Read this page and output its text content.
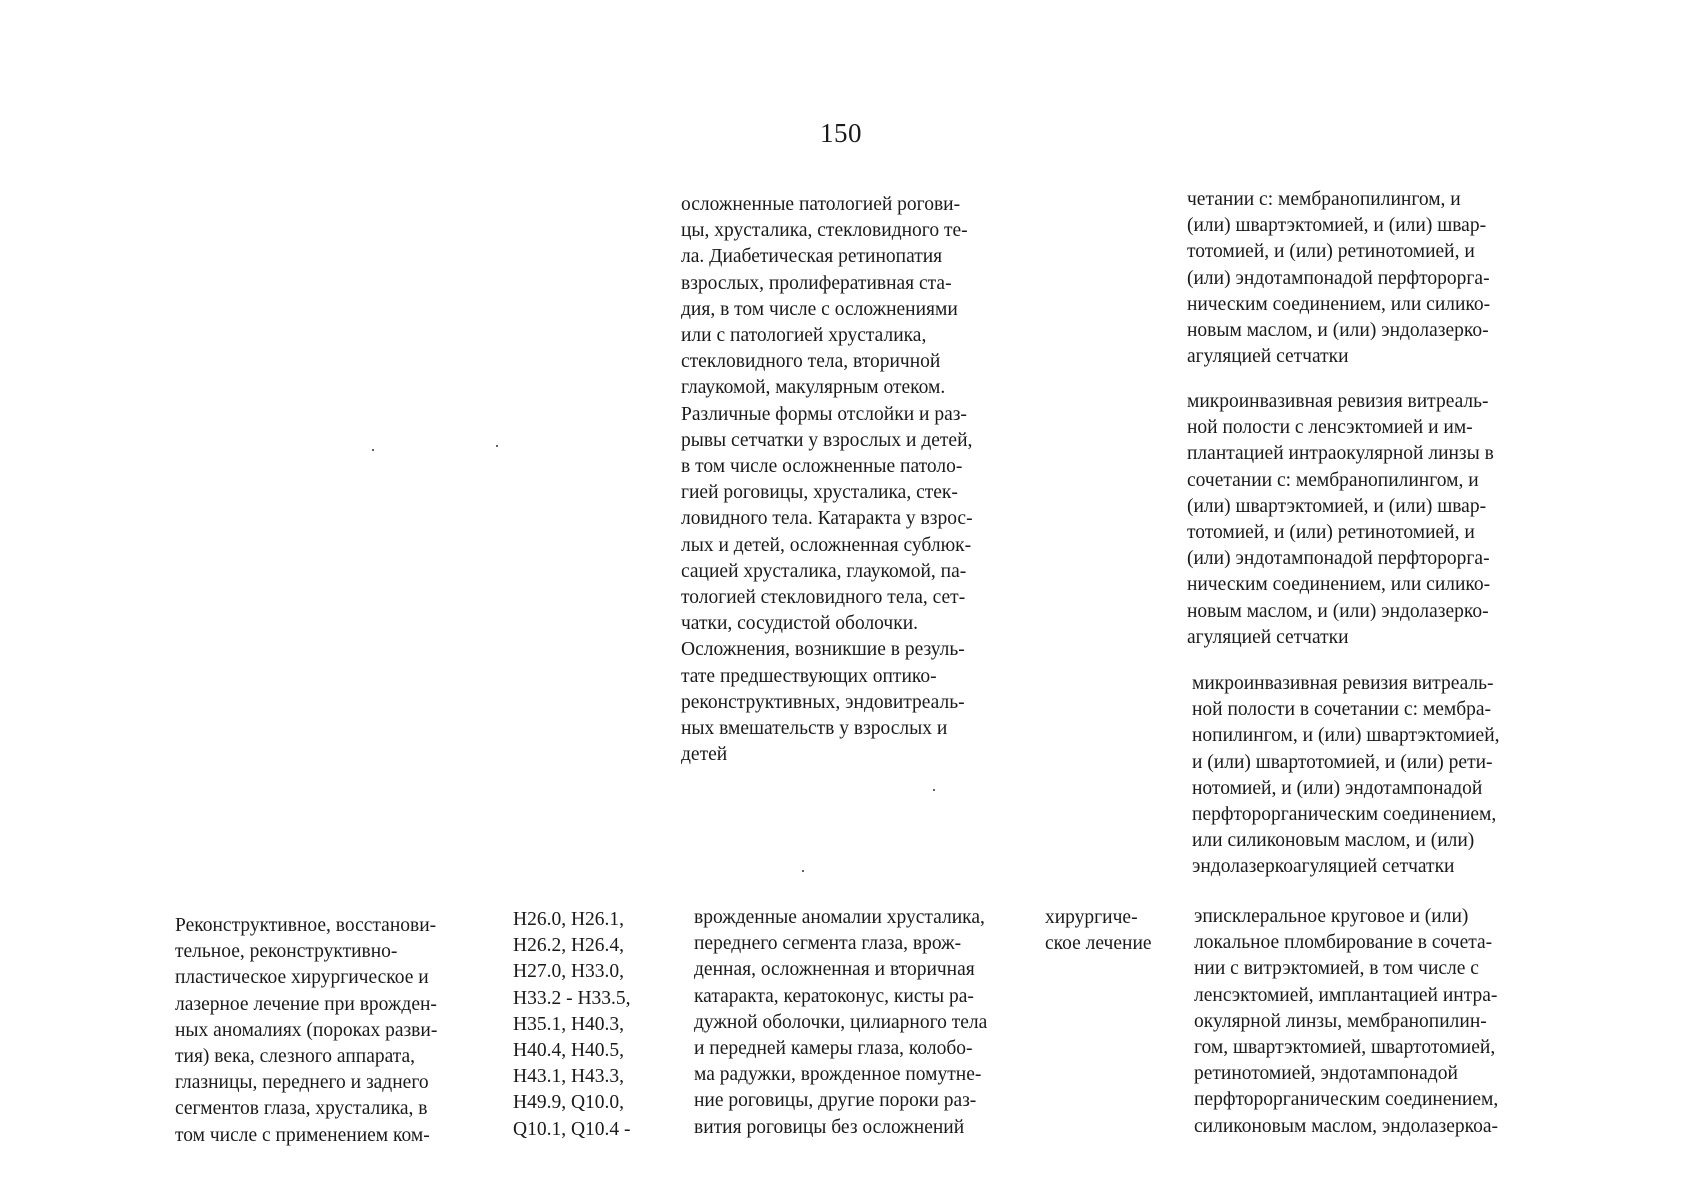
150
осложненные патологией рогови-
цы, хрусталика, стекловидного те-
ла. Диабетическая ретинопатия
взрослых, пролиферативная ста-
дия, в том числе с осложнениями
или с патологией хрусталика,
стекловидного тела, вторичной
глаукомой, макулярным отеком.
Различные формы отслойки и раз-
рывы сетчатки у взрослых и детей,
в том числе осложненные патоло-
гией роговицы, хрусталика, стек-
ловидного тела. Катаракта у взрос-
лых и детей, осложненная сублюк-
сацией хрусталика, глаукомой, па-
тологией стекловидного тела, сет-
чатки, сосудистой оболочки.
Осложнения, возникшие в резуль-
тате предшествующих оптико-
реконструктивных, эндовитреаль-
ных вмешательств у взрослых и
детей
четании с: мембранопилингом, и
(или) швартэктомией, и (или) швар-
тотомией, и (или) ретинотомией, и
(или) эндотампонадой перфторорга-
ническим соединением, или силико-
новым маслом, и (или) эндолазерко-
агуляцией сетчатки
микроинвазивная ревизия витреаль-
ной полости с ленсэктомией и им-
плантацией интраокулярной линзы в
сочетании с: мембранопилингом, и
(или) швартэктомией, и (или) швар-
тотомией, и (или) ретинотомией, и
(или) эндотампонадой перфторорга-
ническим соединением, или силико-
новым маслом, и (или) эндолазерко-
агуляцией сетчатки
микроинвазивная ревизия витреаль-
ной полости в сочетании с: мембра-
нопилингом, и (или) швартэктомией,
и (или) швартотомией, и (или) рети-
нотомией, и (или) эндотампонадой
перфторорганическим соединением,
или силиконовым маслом, и (или)
эндолазеркоагуляцией сетчатки
Реконструктивное, восстанови-
тельное, реконструктивно-
пластическое хирургическое и
лазерное лечение при врожден-
ных аномалиях (пороках разви-
тия) века, слезного аппарата,
глазницы, переднего и заднего
сегментов глаза, хрусталика, в
том числе с применением ком-
H26.0, H26.1,
H26.2, H26.4,
H27.0, H33.0,
H33.2 - H33.5,
H35.1, H40.3,
H40.4, H40.5,
H43.1, H43.3,
H49.9, Q10.0,
Q10.1, Q10.4 -
врожденные аномалии хрусталика,
переднего сегмента глаза, врож-
денная, осложненная и вторичная
катаракта, кератоконус, кисты ра-
дужной оболочки, цилиарного тела
и передней камеры глаза, колобо-
ма радужки, врожденное помутне-
ние роговицы, другие пороки раз-
вития роговицы без осложнений
хирургиче-
ское лечение
эписклеральное круговое и (или)
локальное пломбирование в сочета-
нии с витрэктомией, в том числе с
ленсэктомией, имплантацией интра-
окулярной линзы, мембранопилин-
гом, швартэктомией, швартотомией,
ретинотомией, эндотампонадой
перфторорганическим соединением,
силиконовым маслом, эндолазеркоа-
